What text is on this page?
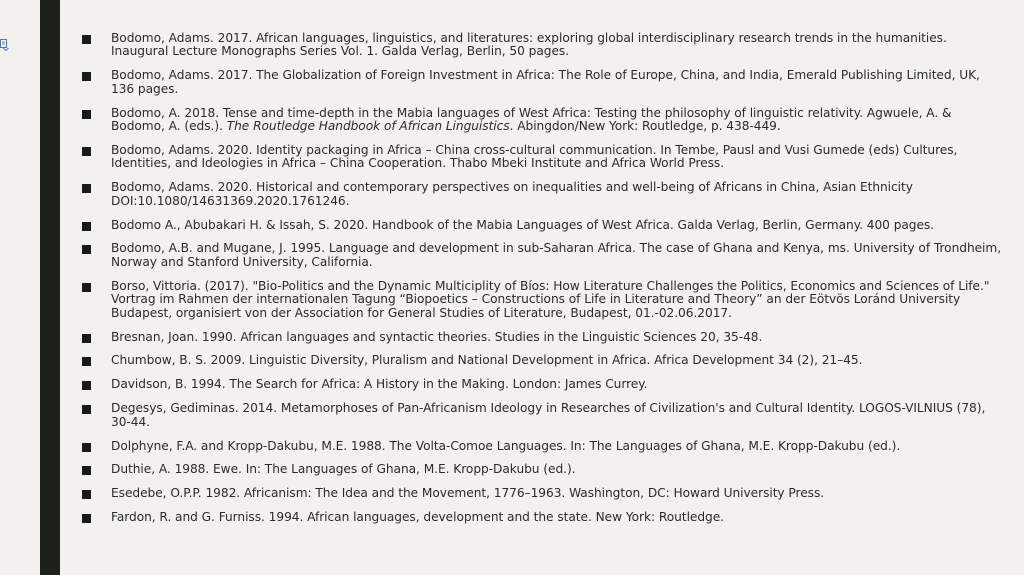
Bodomo, Adams. 2017. African languages, linguistics, and literatures: exploring global interdisciplinary research trends in the humanities. Inaugural Lecture Monographs Series Vol. 1. Galda Verlag, Berlin, 50 pages.
Bodomo, Adams. 2017. The Globalization of Foreign Investment in Africa: The Role of Europe, China, and India, Emerald Publishing Limited, UK, 136 pages.
Bodomo, A. 2018. Tense and time-depth in the Mabia languages of West Africa: Testing the philosophy of linguistic relativity. Agwuele, A. & Bodomo, A. (eds.). The Routledge Handbook of African Linguistics. Abingdon/New York: Routledge, p. 438-449.
Bodomo, Adams. 2020. Identity packaging in Africa – China cross-cultural communication. In Tembe, Pausl and Vusi Gumede (eds) Cultures, Identities, and Ideologies in Africa – China Cooperation. Thabo Mbeki Institute and Africa World Press.
Bodomo, Adams. 2020. Historical and contemporary perspectives on inequalities and well-being of Africans in China, Asian Ethnicity DOI:10.1080/14631369.2020.1761246.
Bodomo A., Abubakari H. & Issah, S. 2020. Handbook of the Mabia Languages of West Africa. Galda Verlag, Berlin, Germany. 400 pages.
Bodomo, A.B. and Mugane, J. 1995. Language and development in sub-Saharan Africa. The case of Ghana and Kenya, ms. University of Trondheim, Norway and Stanford University, California.
Borso, Vittoria. (2017). "Bio-Politics and the Dynamic Multiciplity of Bíos: How Literature Challenges the Politics, Economics and Sciences of Life." Vortrag im Rahmen der internationalen Tagung “Biopoetics – Constructions of Life in Literature and Theory” an der Eötvös Loránd University Budapest, organisiert von der Association for General Studies of Literature, Budapest, 01.-02.06.2017.
Bresnan, Joan. 1990. African languages and syntactic theories. Studies in the Linguistic Sciences 20, 35-48.
Chumbow, B. S. 2009. Linguistic Diversity, Pluralism and National Development in Africa. Africa Development 34 (2), 21–45.
Davidson, B. 1994. The Search for Africa: A History in the Making. London: James Currey.
Degesys, Gediminas. 2014. Metamorphoses of Pan-Africanism Ideology in Researches of Civilization's and Cultural Identity. LOGOS-VILNIUS (78), 30-44.
Dolphyne, F.A. and Kropp-Dakubu, M.E. 1988. The Volta-Comoe Languages. In: The Languages of Ghana, M.E. Kropp-Dakubu (ed.).
Duthie, A. 1988. Ewe. In: The Languages of Ghana, M.E. Kropp-Dakubu (ed.).
Esedebe, O.P.P. 1982. Africanism: The Idea and the Movement, 1776–1963. Washington, DC: Howard University Press.
Fardon, R. and G. Furniss. 1994. African languages, development and the state. New York: Routledge.
